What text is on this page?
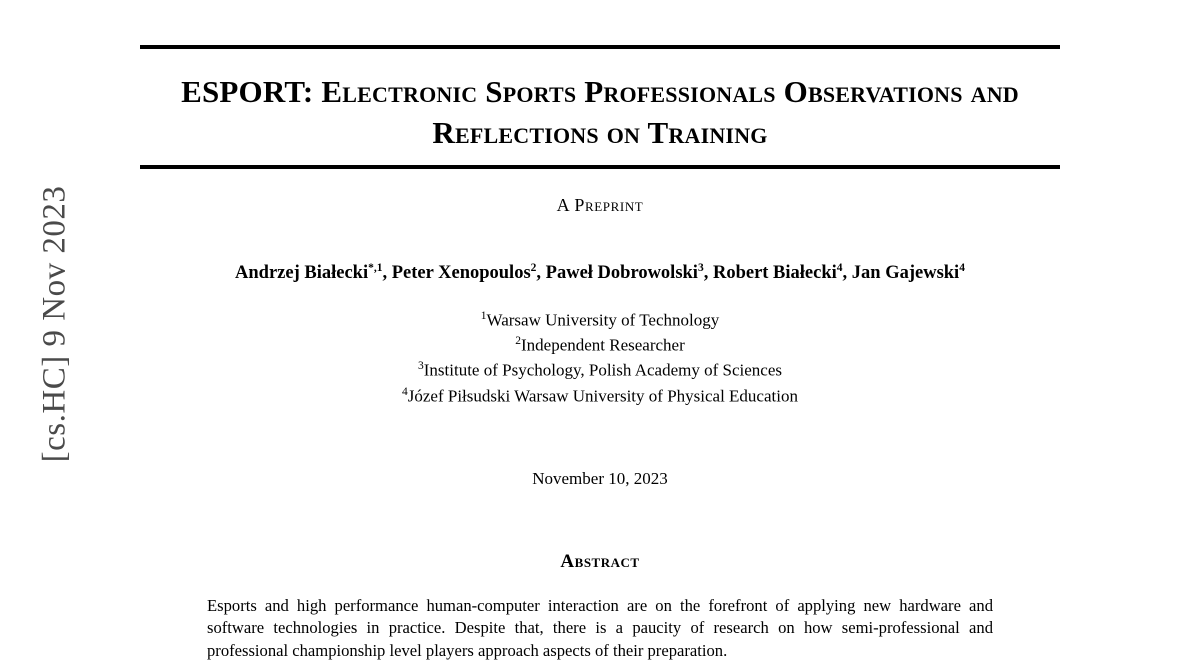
[cs.HC] 9 Nov 2023
ESPORT: Electronic Sports Professionals Observations and Reflections on Training
A Preprint
Andrzej Białecki$^{*,1}$, Peter Xenopoulos$^2$, Paweł Dobrowolski$^3$, Robert Białecki$^4$, Jan Gajewski$^4$
$^1$Warsaw University of Technology
$^2$Independent Researcher
$^3$Institute of Psychology, Polish Academy of Sciences
$^4$Józef Piłsudski Warsaw University of Physical Education
November 10, 2023
Abstract
Esports and high performance human-computer interaction are on the forefront of applying new hardware and software technologies in practice. Despite that, there is a paucity of research on how semi-professional and professional championship level players approach aspects of their preparation.
